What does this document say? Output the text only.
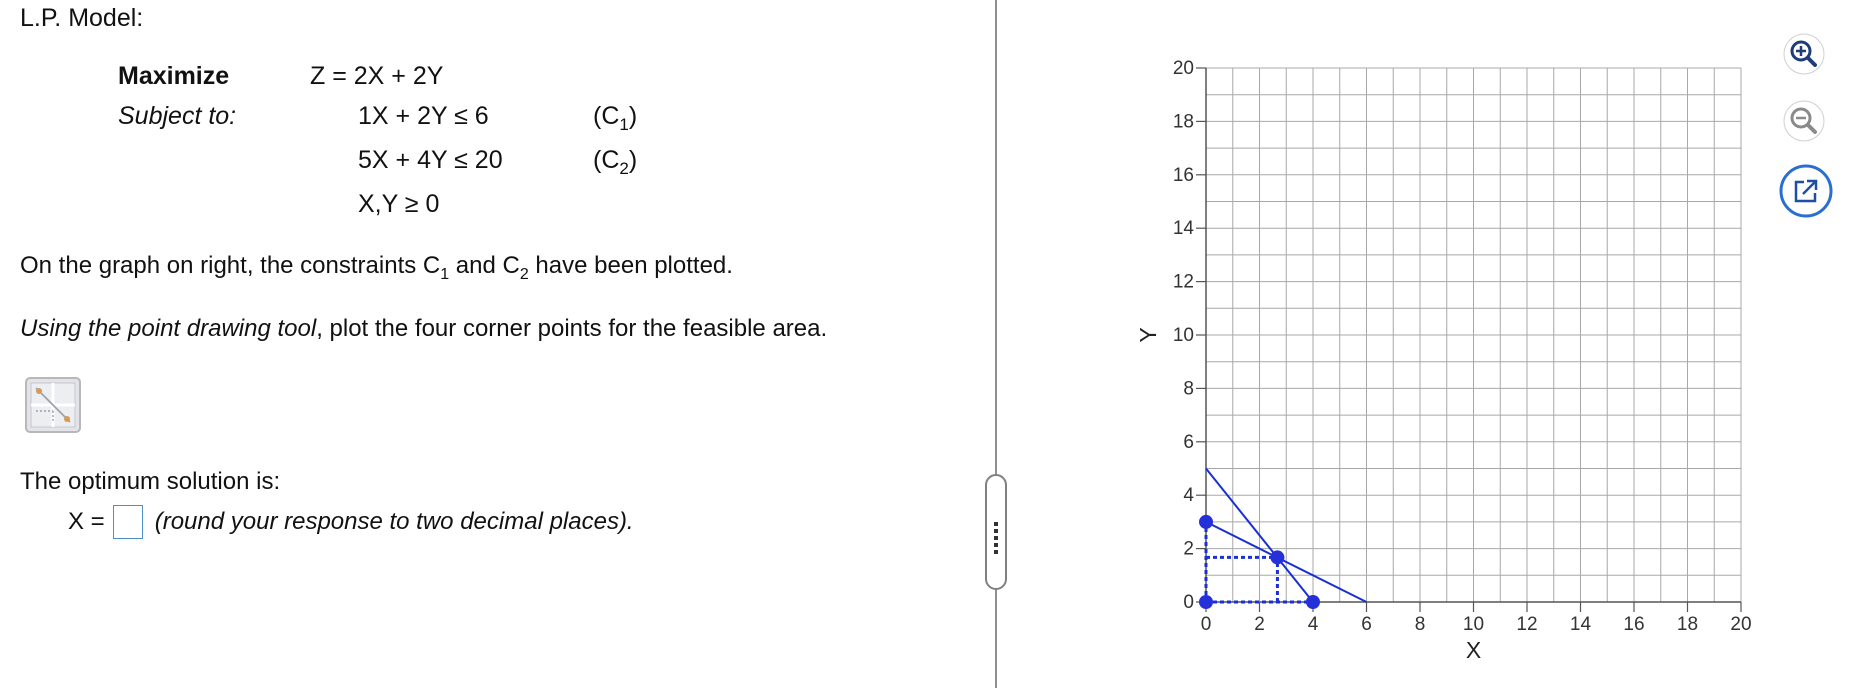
L.P. Model:
Maximize
Subject to:
Z = 2X + 2Y
1X + 2Y ≤ 6
5X + 4Y ≤ 20
X,Y ≥ 0
$(C_1)$
$(C_2)$
On the graph on right, the constraints $C_1$ and $C_2$ have been plotted.
Using the point drawing tool, plot the four corner points for the feasible area.
The optimum solution is:
X = (round your response to two decimal places).
0 2 4 6 8 10 12 14 16 18 20
0
2
4
6
8
10
12
14
16
18
20
X
Y
